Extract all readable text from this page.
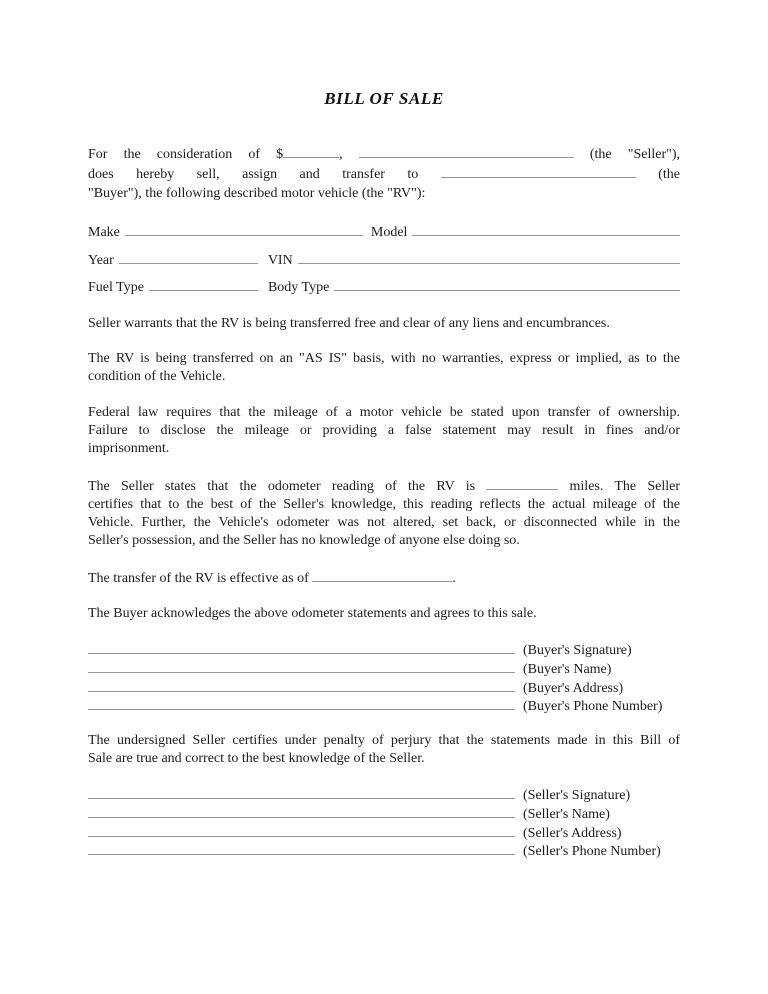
BILL OF SALE
For the consideration of $	,	(the "Seller"),
does hereby sell, assign and transfer to	(the
"Buyer"), the following described motor vehicle (the "RV"):
Make	Model
Year	VIN
Fuel Type	Body Type
Seller warrants that the RV is being transferred free and clear of any liens and encumbrances.
The RV is being transferred on an "AS IS" basis, with no warranties, express or implied, as to the
condition of the Vehicle.
Federal law requires that the mileage of a motor vehicle be stated upon transfer of ownership.
Failure to disclose the mileage or providing a false statement may result in fines and/or
imprisonment.
The Seller states that the odometer reading of the RV is	miles. The Seller
certifies that to the best of the Seller's knowledge, this reading reflects the actual mileage of the
Vehicle. Further, the Vehicle's odometer was not altered, set back, or disconnected while in the
Seller's possession, and the Seller has no knowledge of anyone else doing so.
The transfer of the RV is effective as of	.
The Buyer acknowledges the above odometer statements and agrees to this sale.
(Buyer's Signature)
(Buyer's Name)
(Buyer's Address)
(Buyer's Phone Number)
The undersigned Seller certifies under penalty of perjury that the statements made in this Bill of
Sale are true and correct to the best knowledge of the Seller.
(Seller's Signature)
(Seller's Name)
(Seller's Address)
(Seller's Phone Number)
